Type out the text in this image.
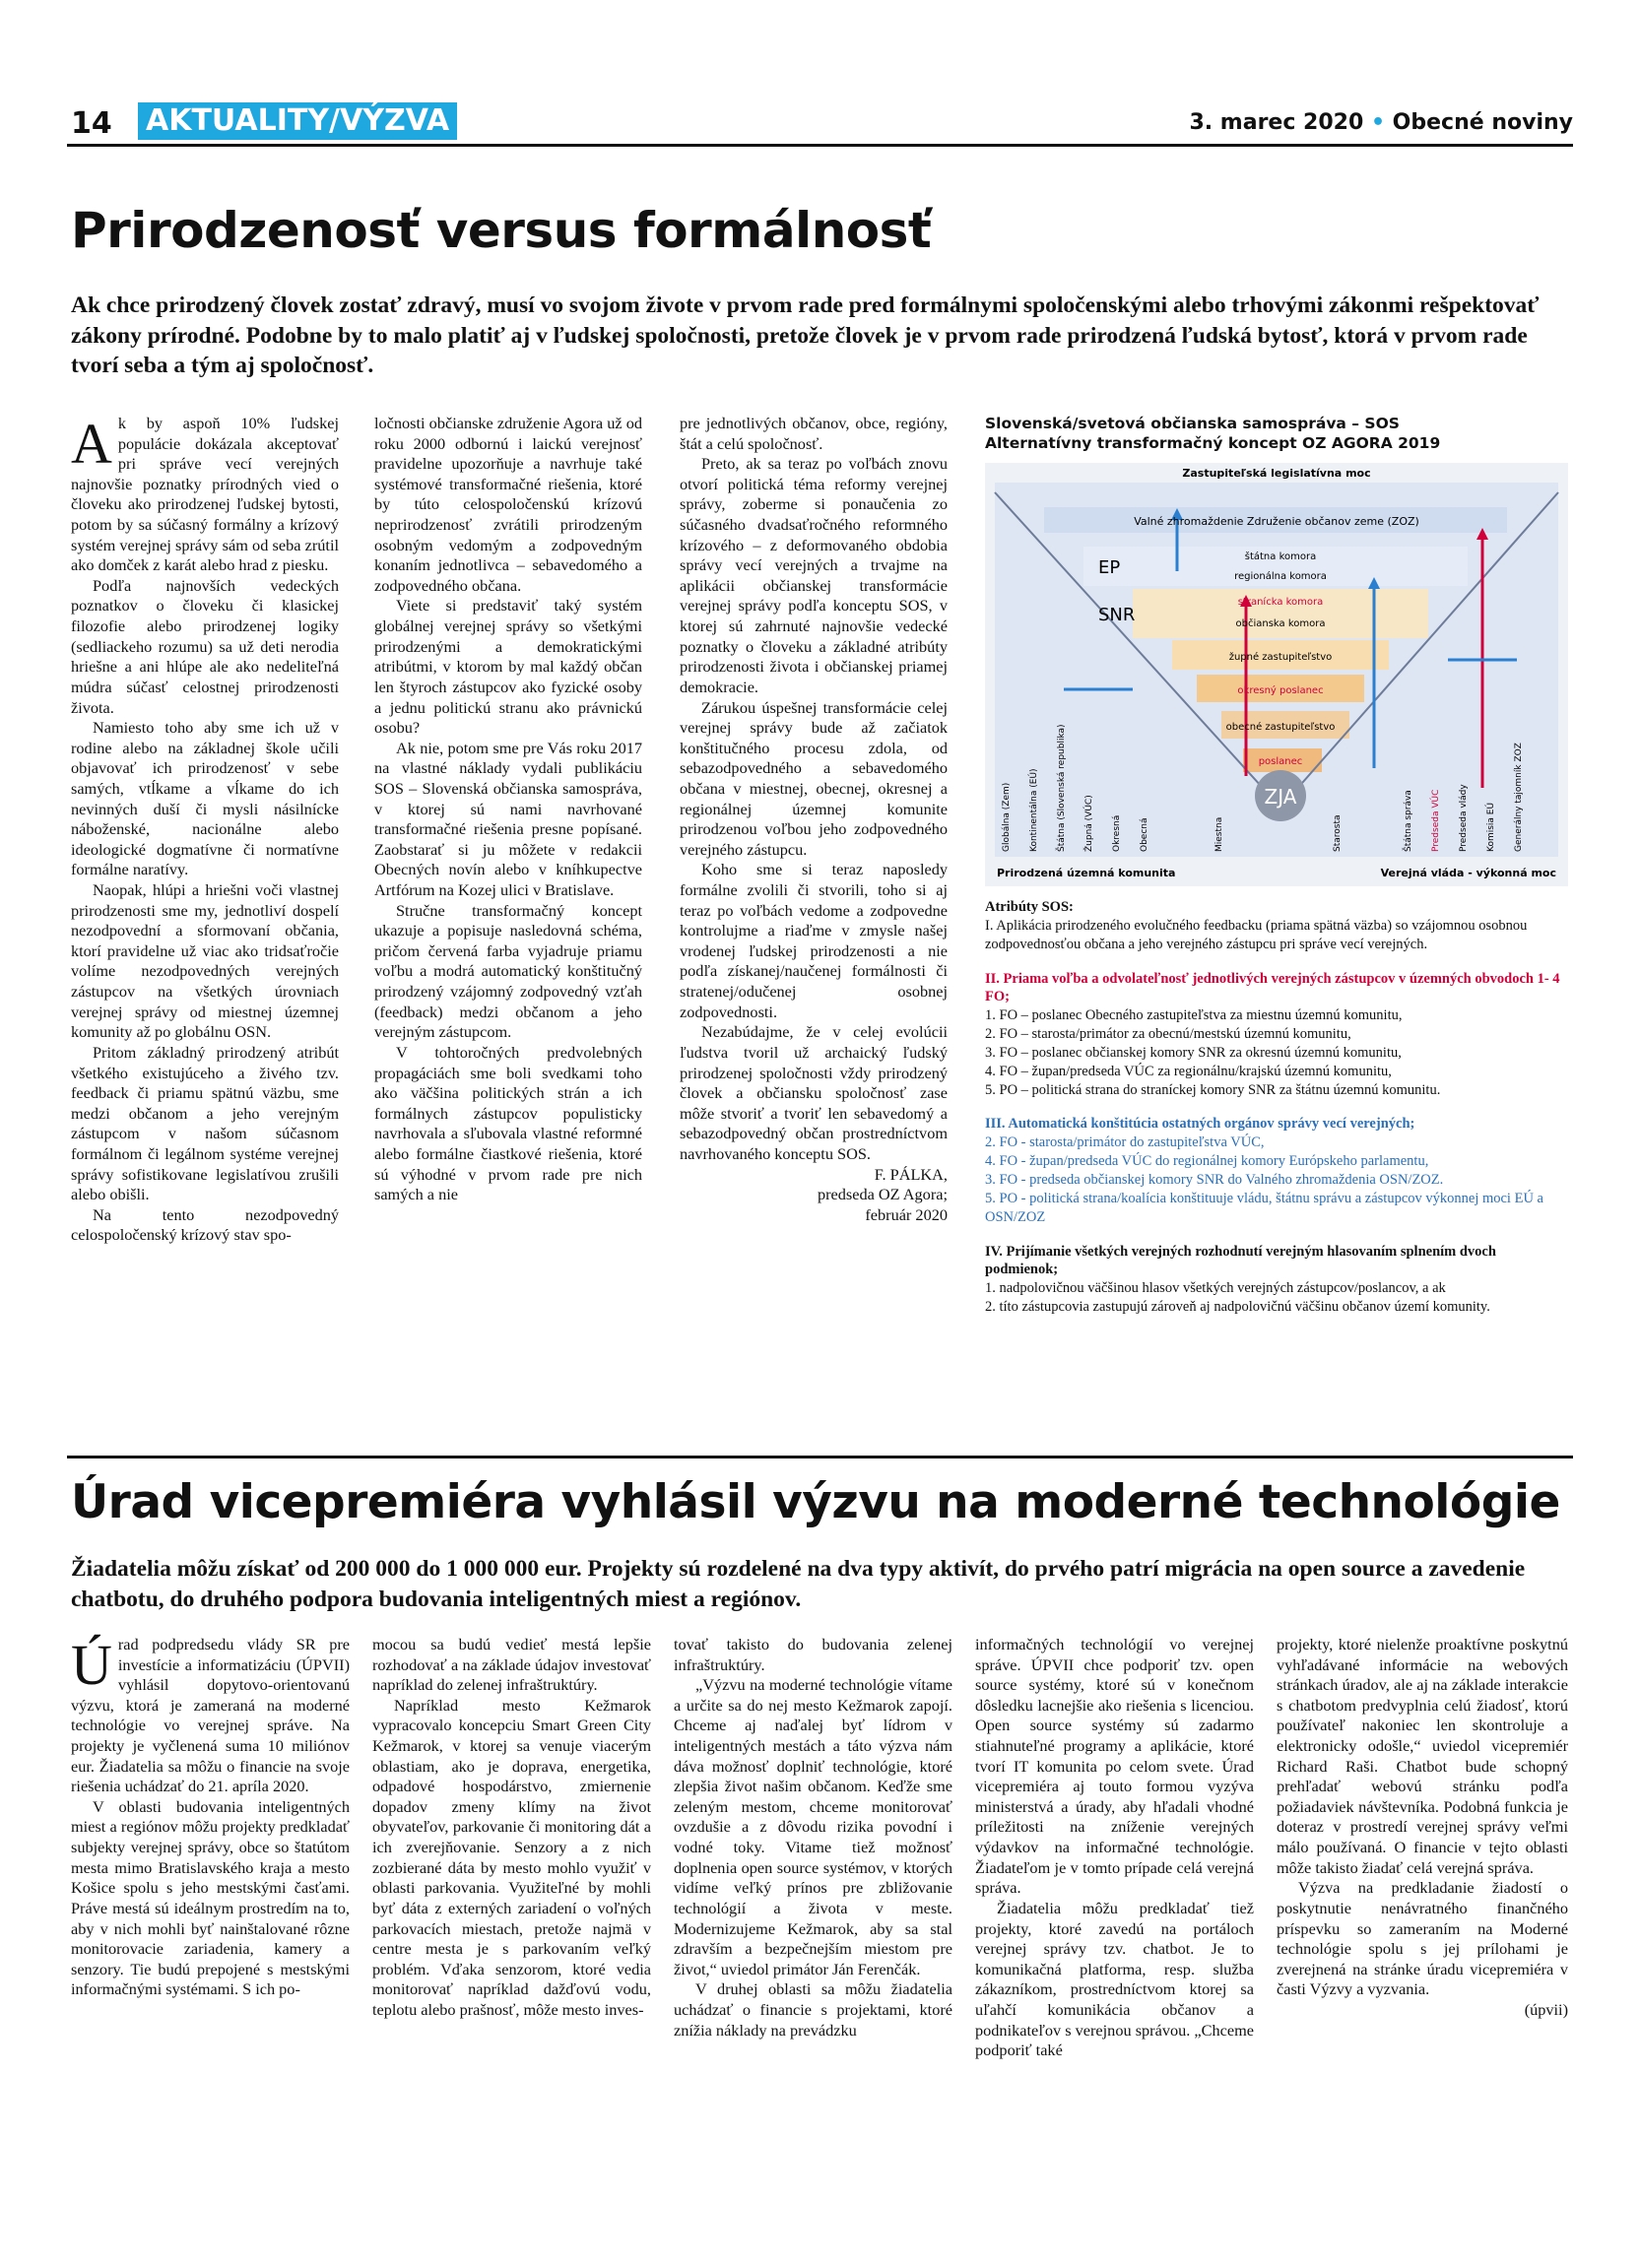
14 AKTUALITY/VÝZVA	3. marec 2020 • Obecné noviny
Prirodzenosť versus formálnosť
Ak chce prirodzený človek zostať zdravý, musí vo svojom živote v prvom rade pred formálnymi spoločenskými alebo trhovými zákonmi rešpektovať zákony prírodné. Podobne by to malo platiť aj v ľudskej spoločnosti, pretože človek je v prvom rade prirodzená ľudská bytosť, ktorá v prvom rade tvorí seba a tým aj spoločnosť.

Ak by aspoň 10% ľudskej populácie dokázala akceptovať pri správe vecí verejných najnovšie poznatky prírodných vied o človeku ako prirodzenej ľudskej bytosti, potom by sa súčasný formálny a krízový systém verejnej správy sám od seba zrútil ako domček z karát alebo hrad z piesku.

Podľa najnovších vedeckých poznatkov o človeku či klasickej filozofie alebo prirodzenej logiky (sedliackeho rozumu) sa už deti nerodia hriešne a ani hlúpe ale ako nedeliteľná múdra súčasť celostnej prirodzenosti života.

Namiesto toho aby sme ich už v rodine alebo na základnej škole učili objavovať ich prirodzenosť v sebe samých, vtĺkame a vĺkame do ich nevinných duší či mysli násilnícke náboženské, nacionálne alebo ideologické dogmatívne či normatívne formálne naratívy.

Naopak, hlúpi a hriešni voči vlastnej prirodzenosti sme my, jednotliví dospelí nezodpovední a sformovaní občania, ktorí pravidelne už viac ako tridsaťročie volíme nezodpovedných verejných zástupcov na všetkých úrovniach verejnej správy od miestnej územnej komunity až po globálnu OSN.

Pritom základný prirodzený atribút všetkého existujúceho a živého tzv. feedback či priamu spätnú väzbu, sme medzi občanom a jeho verejným zástupcom v našom súčasnom formálnom či legálnom systéme verejnej správy sofistikovane legislatívou zrušili alebo obišli.

Na tento nezodpovedný celospoločenský krízový stav spo-

ločnosti občianske združenie Agora už od roku 2000 odbornú i laickú verejnosť pravidelne upozorňuje a navrhuje také systémové transformačné riešenia, ktoré by túto celospoločenskú krízovú neprirodzenosť zvrátili prirodzeným osobným vedomým a zodpovedným konaním jednotlivca – sebavedomého a zodpovedného občana.

Viete si predstaviť taký systém globálnej verejnej správy so všetkými prirodzenými a demokratickými atribútmi, v ktorom by mal každý občan len štyroch zástupcov ako fyzické osoby a jednu politickú stranu ako právnickú osobu?

Ak nie, potom sme pre Vás roku 2017 na vlastné náklady vydali publikáciu SOS – Slovenská občianska samospráva, v ktorej sú nami navrhované transformačné riešenia presne popísané. Zaobstarať si ju môžete v redakcii Obecných novín alebo v kníhkupectve Artfórum na Kozej ulici v Bratislave.

Stručne transformačný koncept ukazuje a popisuje nasledovná schéma, pričom červená farba vyjadruje priamu voľbu a modrá automatický konštitučný prirodzený vzájomný zodpovedný vzťah (feedback) medzi občanom a jeho verejným zástupcom.

V tohtoročných predvolebných propagáciách sme boli svedkami toho ako väčšina politických strán a ich formálnych zástupcov populisticky navrhovala a sľubovala vlastné reformné alebo formálne čiastkové riešenia, ktoré sú výhodné v prvom rade pre nich samých a nie

pre jednotlivých občanov, obce, regióny, štát a celú spoločnosť.

Preto, ak sa teraz po voľbách znovu otvorí politická téma reformy verejnej správy, zoberme si ponaučenia zo súčasného dvadsaťročného reformného krízového – z deformovaného obdobia správy vecí verejných a trvajme na aplikácii občianskej transformácie verejnej správy podľa konceptu SOS, v ktorej sú zahrnuté najnovšie vedecké poznatky o človeku a základné atribúty prirodzenosti života i občianskej priamej demokracie.

Zárukou úspešnej transformácie celej verejnej správy bude až začiatok konštitučného procesu zdola, od sebazodpovedného a sebavedomého občana v miestnej, obecnej, okresnej a regionálnej územnej komunite prirodzenou voľbou jeho zodpovedného verejného zástupcu.

Koho sme si teraz naposledy formálne zvolili či stvorili, toho si aj teraz po voľbách vedome a zodpovedne kontrolujme a riaďme v zmysle našej vrodenej ľudskej prirodzenosti a nie podľa získanej/naučenej formálnosti či stratenej/odučenej osobnej zodpovednosti.

Nezabúdajme, že v celej evolúcii ľudstva tvoril už archaický ľudský prirodzenej spoločnosti vždy prirodzený človek a občiansku spoločnosť zase môže stvoriť a tvoriť len sebavedomý a sebazodpovedný občan prostredníctvom navrhovaného konceptu SOS.

F. PÁLKA,

predseda OZ Agora;

február 2020

Slovenská/svetová občianska samospráva – SOS
Alternatívny transformačný koncept OZ AGORA 2019
Zastupiteľská legislatívna moc
Valné zhromaždenie Združenie občanov zeme (ZOZ)
EP
SNR
štátna komora
regionálna komora
stranícka komora
občianska komora
župné zastupiteľstvo
okresný poslanec
obecné zastupiteľstvo
poslanec
ZJA
Globálna (Zem) Kontinentálna (EÚ) Štátna (Slovenská republika) Župná (VÚC) Okresná Obecná	Miestna	Starosta	Štátna správa Predseda VÚC Predseda vlády Komisia EÚ Generálny tajomník ZOZ
Prirodzená územná komunita	Verejná vláda - výkonná moc

Atribúty SOS:

I. Aplikácia prirodzeného evolučného feedbacku (priama spätná väzba) so vzájomnou osobnou zodpovednosťou občana a jeho verejného zástupcu pri správe vecí verejných.

II. Priama voľba a odvolateľnosť jednotlivých verejných zástupcov v územných obvodoch 1- 4 FO;

1. FO – poslanec Obecného zastupiteľstva za miestnu územnú komunitu,

2. FO – starosta/primátor za obecnú/mestskú územnú komunitu,

3. FO – poslanec občianskej komory SNR za okresnú územnú komunitu,

4. FO – župan/predseda VÚC za regionálnu/krajskú územnú komunitu,

5. PO – politická strana do straníckej komory SNR za štátnu územnú komunitu.

III. Automatická konštitúcia ostatných orgánov správy vecí verejných;

2. FO - starosta/primátor do zastupiteľstva VÚC,

4. FO - župan/predseda VÚC do regionálnej komory Európskeho parlamentu,

3. FO - predseda občianskej komory SNR do Valného zhromaždenia OSN/ZOZ.

5. PO - politická strana/koalícia konštituuje vládu, štátnu správu a zástupcov výkonnej moci EÚ a OSN/ZOZ

IV. Prijímanie všetkých verejných rozhodnutí verejným hlasovaním splnením dvoch podmienok;

1. nadpolovičnou väčšinou hlasov všetkých verejných zástupcov/poslancov, a ak

2. títo zástupcovia zastupujú zároveň aj nadpolovičnú väčšinu občanov území komunity.

Úrad vicepremiéra vyhlásil výzvu na moderné technológie
Žiadatelia môžu získať od 200 000 do 1 000 000 eur. Projekty sú rozdelené na dva typy aktivít, do prvého patrí migrácia na open source a zavedenie chatbotu, do druhého podpora budovania inteligentných miest a regiónov.

Úrad podpredsedu vlády SR pre investície a informatizáciu (ÚPVII) vyhlásil dopytovo-orientovanú výzvu, ktorá je zameraná na moderné technológie vo verejnej správe. Na projekty je vyčlenená suma 10 miliónov eur. Žiadatelia sa môžu o financie na svoje riešenia uchádzať do 21. apríla 2020.

V oblasti budovania inteligentných miest a regiónov môžu projekty predkladať subjekty verejnej správy, obce so štatútom mesta mimo Bratislavského kraja a mesto Košice spolu s jeho mestskými časťami. Práve mestá sú ideálnym prostredím na to, aby v nich mohli byť nainštalované rôzne monitorovacie zariadenia, kamery a senzory. Tie budú prepojené s mestskými informačnými systémami. S ich po-

mocou sa budú vedieť mestá lepšie rozhodovať a na základe údajov investovať napríklad do zelenej infraštruktúry.

Napríklad mesto Kežmarok vypracovalo koncepciu Smart Green City Kežmarok, v ktorej sa venuje viacerým oblastiam, ako je doprava, energetika, odpadové hospodárstvo, zmiernenie dopadov zmeny klímy na život obyvateľov, parkovanie či monitoring dát a ich zverejňovanie. Senzory a z nich zozbierané dáta by mesto mohlo využiť v oblasti parkovania. Využiteľné by mohli byť dáta z externých zariadení o voľných parkovacích miestach, pretože najmä v centre mesta je s parkovaním veľký problém. Vďaka senzorom, ktoré vedia monitorovať napríklad dažďovú vodu, teplotu alebo prašnosť, môže mesto inves-

tovať takisto do budovania zelenej infraštruktúry.

„Výzvu na moderné technológie vítame a určite sa do nej mesto Kežmarok zapojí. Chceme aj naďalej byť lídrom v inteligentných mestách a táto výzva nám dáva možnosť doplniť technológie, ktoré zlepšia život našim občanom. Keďže sme zeleným mestom, chceme monitorovať ovzdušie a z dôvodu rizika povodní i vodné toky. Vitame tiež možnosť doplnenia open source systémov, v ktorých vidíme veľký prínos pre zbližovanie technológií a života v meste. Modernizujeme Kežmarok, aby sa stal zdravším a bezpečnejším miestom pre život,“ uviedol primátor Ján Ferenčák.

V druhej oblasti sa môžu žiadatelia uchádzať o financie s projektami, ktoré znížia náklady na prevádzku

informačných technológií vo verejnej správe. ÚPVII chce podporiť tzv. open source systémy, ktoré sú v konečnom dôsledku lacnejšie ako riešenia s licenciou. Open source systémy sú zadarmo stiahnuteľné programy a aplikácie, ktoré tvorí IT komunita po celom svete. Úrad vicepremiéra aj touto formou vyzýva ministerstvá a úrady, aby hľadali vhodné príležitosti na zníženie verejných výdavkov na informačné technológie. Žiadateľom je v tomto prípade celá verejná správa.

Žiadatelia môžu predkladať tiež projekty, ktoré zavedú na portáloch verejnej správy tzv. chatbot. Je to komunikačná platforma, resp. služba zákazníkom, prostredníctvom ktorej sa uľahčí komunikácia občanov a podnikateľov s verejnou správou. „Chceme podporiť také

projekty, ktoré nielenže proaktívne poskytnú vyhľadávané informácie na webových stránkach úradov, ale aj na základe interakcie s chatbotom predvyplnia celú žiadosť, ktorú používateľ nakoniec len skontroluje a elektronicky odošle,“ uviedol vicepremiér Richard Raši. Chatbot bude schopný prehľadať webovú stránku podľa požiadaviek návštevníka. Podobná funkcia je doteraz v prostredí verejnej správy veľmi málo používaná. O financie v tejto oblasti môže takisto žiadať celá verejná správa.

Výzva na predkladanie žiadostí o poskytnutie nenávratného finančného príspevku so zameraním na Moderné technológie spolu s jej prílohami je zverejnená na stránke úradu vicepremiéra v časti Výzvy a vyzvania.

(úpvii)
